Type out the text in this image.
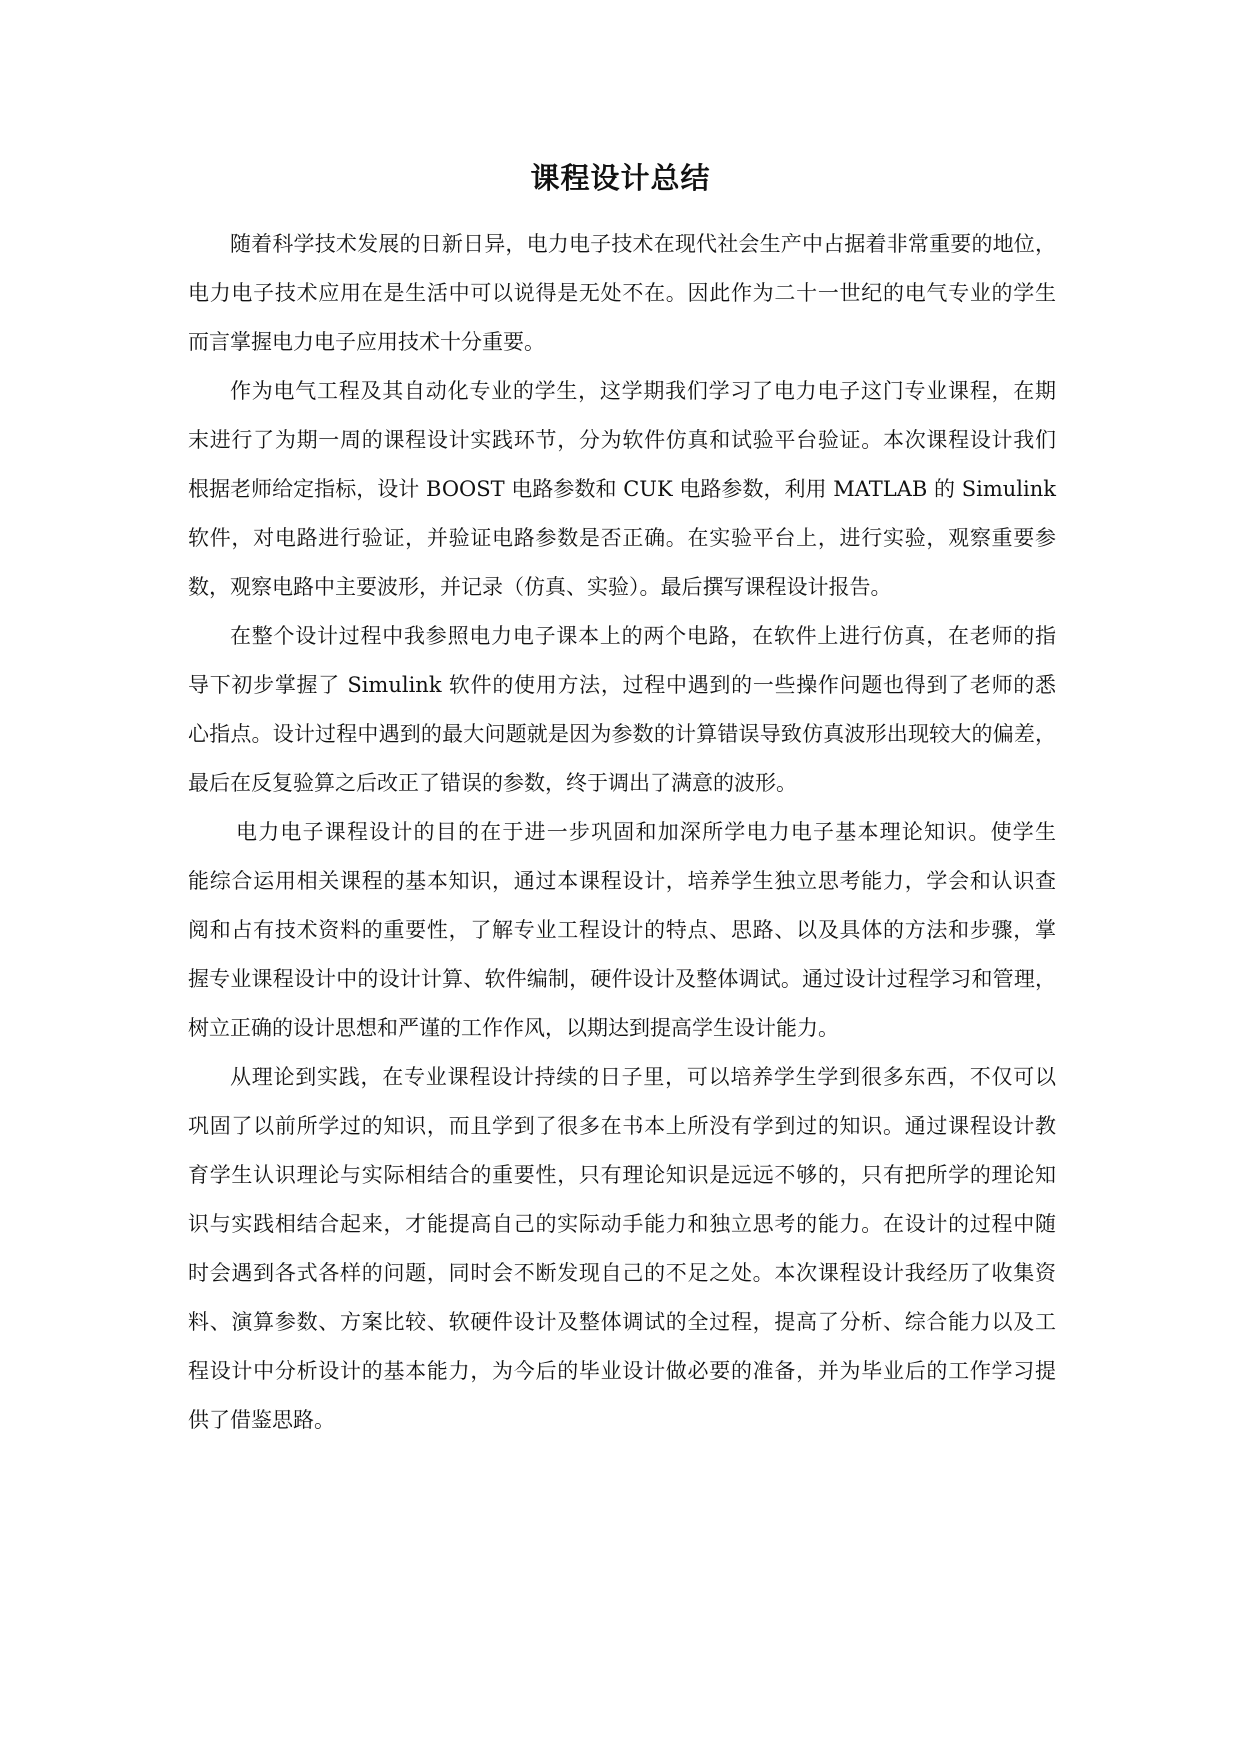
课程设计总结

随着科学技术发展的日新日异，电力电子技术在现代社会生产中占据着非常重要的地位，
电力电子技术应用在是生活中可以说得是无处不在。因此作为二十一世纪的电气专业的学生
而言掌握电力电子应用技术十分重要。

作为电气工程及其自动化专业的学生，这学期我们学习了电力电子这门专业课程，在期
末进行了为期一周的课程设计实践环节，分为软件仿真和试验平台验证。本次课程设计我们
根据老师给定指标，设计 BOOST 电路参数和 CUK 电路参数，利用 MATLAB 的 Simulink
软件，对电路进行验证，并验证电路参数是否正确。在实验平台上，进行实验，观察重要参
数，观察电路中主要波形，并记录（仿真、实验）。最后撰写课程设计报告。

在整个设计过程中我参照电力电子课本上的两个电路，在软件上进行仿真，在老师的指
导下初步掌握了 Simulink 软件的使用方法，过程中遇到的一些操作问题也得到了老师的悉
心指点。设计过程中遇到的最大问题就是因为参数的计算错误导致仿真波形出现较大的偏差，
最后在反复验算之后改正了错误的参数，终于调出了满意的波形。

电力电子课程设计的目的在于进一步巩固和加深所学电力电子基本理论知识。使学生
能综合运用相关课程的基本知识，通过本课程设计，培养学生独立思考能力，学会和认识查
阅和占有技术资料的重要性，了解专业工程设计的特点、思路、以及具体的方法和步骤，掌
握专业课程设计中的设计计算、软件编制，硬件设计及整体调试。通过设计过程学习和管理，
树立正确的设计思想和严谨的工作作风，以期达到提高学生设计能力。

从理论到实践，在专业课程设计持续的日子里，可以培养学生学到很多东西，不仅可以
巩固了以前所学过的知识，而且学到了很多在书本上所没有学到过的知识。通过课程设计教
育学生认识理论与实际相结合的重要性，只有理论知识是远远不够的，只有把所学的理论知
识与实践相结合起来，才能提高自己的实际动手能力和独立思考的能力。在设计的过程中随
时会遇到各式各样的问题，同时会不断发现自己的不足之处。本次课程设计我经历了收集资
料、演算参数、方案比较、软硬件设计及整体调试的全过程，提高了分析、综合能力以及工
程设计中分析设计的基本能力，为今后的毕业设计做必要的准备，并为毕业后的工作学习提
供了借鉴思路。
